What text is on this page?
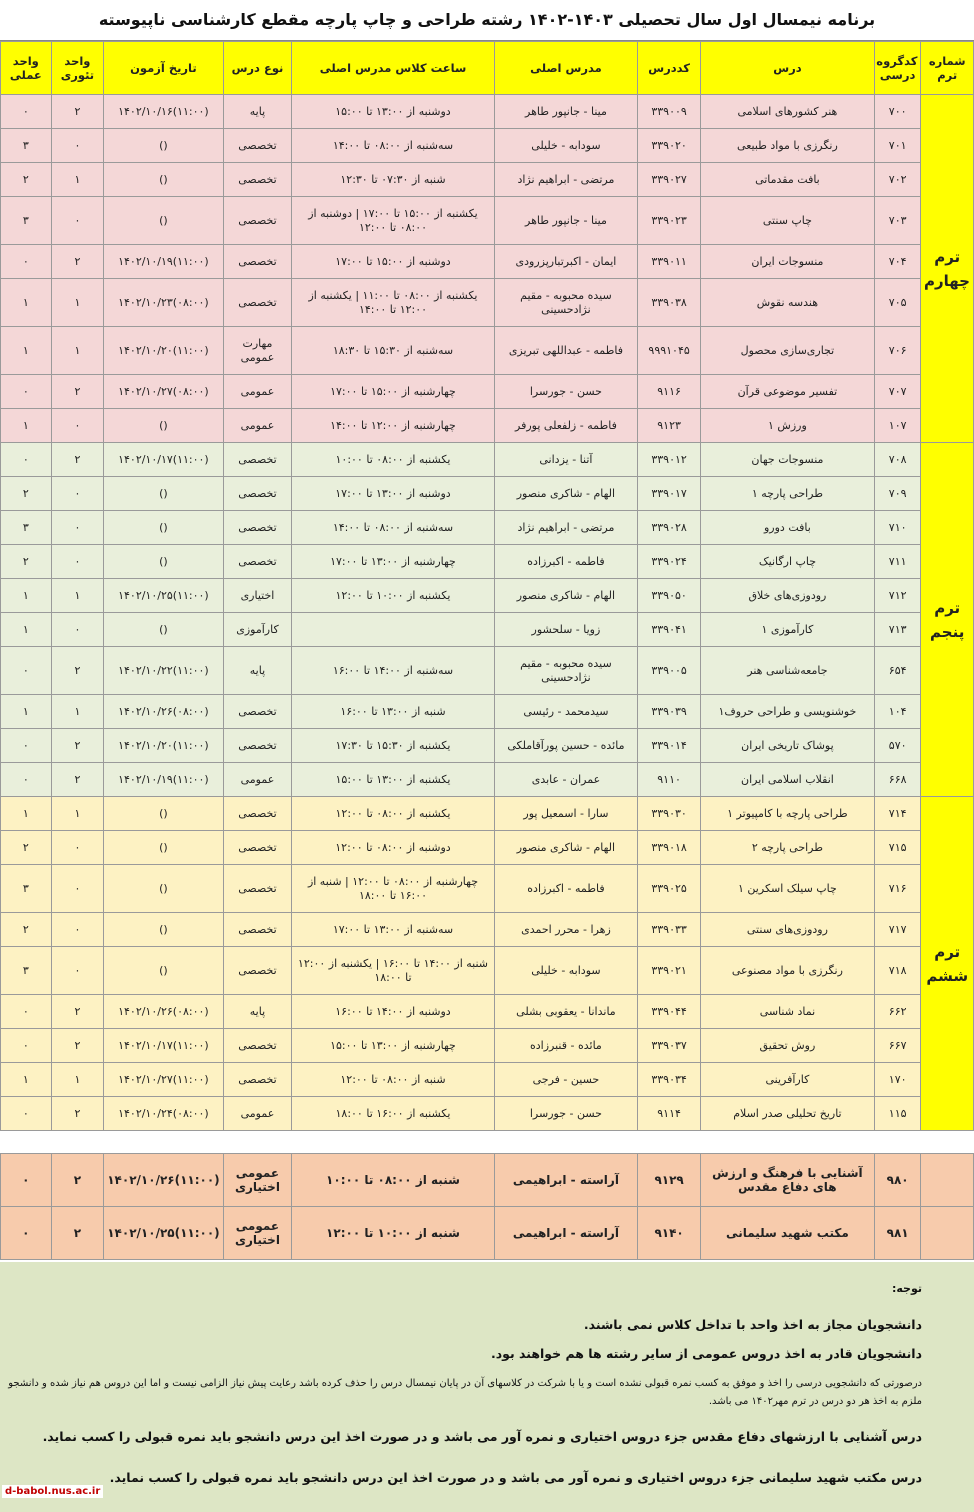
برنامه نیمسال اول سال تحصیلی ۱۴۰۳-۱۴۰۲ رشته طراحی و چاپ پارچه مقطع کارشناسی ناپیوسته
شماره ترم	کدگروه درسی	درس	کددرس	مدرس اصلی	ساعت کلاس مدرس اصلی	نوع درس	تاریخ آزمون	واحد تئوری	واحد عملی
ترم چهارم	۷۰۰	هنر کشورهای اسلامی	۳۳۹۰۰۹	مینا - جانپور طاهر	دوشنبه از ۱۳:۰۰ تا ۱۵:۰۰	پایه	۱۴۰۲/۱۰/۱۶(۱۱:۰۰)	۲	۰
	۷۰۱	رنگرزی با مواد طبیعی	۳۳۹۰۲۰	سودابه - خلیلی	سه‌شنبه از ۰۸:۰۰ تا ۱۴:۰۰	تخصصی	()	۰	۳
	۷۰۲	بافت مقدماتی	۳۳۹۰۲۷	مرتضی - ابراهیم نژاد	شنبه از ۰۷:۳۰ تا ۱۲:۳۰	تخصصی	()	۱	۲
	۷۰۳	چاپ سنتی	۳۳۹۰۲۳	مینا - جانپور طاهر	یکشنبه از ۱۵:۰۰ تا ۱۷:۰۰ | دوشنبه از ۰۸:۰۰ تا ۱۲:۰۰	تخصصی	()	۰	۳
	۷۰۴	منسوجات ایران	۳۳۹۰۱۱	ایمان - اکبرتبارپزرودی	دوشنبه از ۱۵:۰۰ تا ۱۷:۰۰	تخصصی	۱۴۰۲/۱۰/۱۹(۱۱:۰۰)	۲	۰
	۷۰۵	هندسه نقوش	۳۳۹۰۳۸	سیده محبوبه - مقیم نژادحسینی	یکشنبه از ۰۸:۰۰ تا ۱۱:۰۰ | یکشنبه از ۱۲:۰۰ تا ۱۴:۰۰	تخصصی	۱۴۰۲/۱۰/۲۳(۰۸:۰۰)	۱	۱
	۷۰۶	تجاری‌سازی محصول	۹۹۹۱۰۴۵	فاطمه - عبداللهی تبریزی	سه‌شنبه از ۱۵:۳۰ تا ۱۸:۳۰	مهارت عمومی	۱۴۰۲/۱۰/۲۰(۱۱:۰۰)	۱	۱
	۷۰۷	تفسیر موضوعی قرآن	۹۱۱۶	حسن - جورسرا	چهارشنبه از ۱۵:۰۰ تا ۱۷:۰۰	عمومی	۱۴۰۲/۱۰/۲۷(۰۸:۰۰)	۲	۰
	۱۰۷	ورزش ۱	۹۱۲۳	فاطمه - زلفعلی پورفر	چهارشنبه از ۱۲:۰۰ تا ۱۴:۰۰	عمومی	()	۰	۱
ترم پنجم	۷۰۸	منسوجات جهان	۳۳۹۰۱۲	آتنا - یزدانی	یکشنبه از ۰۸:۰۰ تا ۱۰:۰۰	تخصصی	۱۴۰۲/۱۰/۱۷(۱۱:۰۰)	۲	۰
	۷۰۹	طراحی پارچه ۱	۳۳۹۰۱۷	الهام - شاکری منصور	دوشنبه از ۱۳:۰۰ تا ۱۷:۰۰	تخصصی	()	۰	۲
	۷۱۰	بافت دورو	۳۳۹۰۲۸	مرتضی - ابراهیم نژاد	سه‌شنبه از ۰۸:۰۰ تا ۱۴:۰۰	تخصصی	()	۰	۳
	۷۱۱	چاپ ارگانیک	۳۳۹۰۲۴	فاطمه - اکبرزاده	چهارشنبه از ۱۳:۰۰ تا ۱۷:۰۰	تخصصی	()	۰	۲
	۷۱۲	رودوزی‌های خلاق	۳۳۹۰۵۰	الهام - شاکری منصور	یکشنبه از ۱۰:۰۰ تا ۱۲:۰۰	اختیاری	۱۴۰۲/۱۰/۲۵(۱۱:۰۰)	۱	۱
	۷۱۳	کارآموزی ۱	۳۳۹۰۴۱	زویا - سلحشور		کارآموزی	()	۰	۱
	۶۵۴	جامعه‌شناسی هنر	۳۳۹۰۰۵	سیده محبوبه - مقیم نژادحسینی	سه‌شنبه از ۱۴:۰۰ تا ۱۶:۰۰	پایه	۱۴۰۲/۱۰/۲۲(۱۱:۰۰)	۲	۰
	۱۰۴	خوشنویسی و طراحی حروف۱	۳۳۹۰۳۹	سیدمحمد - رئیسی	شنبه از ۱۳:۰۰ تا ۱۶:۰۰	تخصصی	۱۴۰۲/۱۰/۲۶(۰۸:۰۰)	۱	۱
	۵۷۰	پوشاک تاریخی ایران	۳۳۹۰۱۴	مائده - حسین پورآقاملکی	یکشنبه از ۱۵:۳۰ تا ۱۷:۳۰	تخصصی	۱۴۰۲/۱۰/۲۰(۱۱:۰۰)	۲	۰
	۶۶۸	انقلاب اسلامی ایران	۹۱۱۰	عمران - عابدی	یکشنبه از ۱۳:۰۰ تا ۱۵:۰۰	عمومی	۱۴۰۲/۱۰/۱۹(۱۱:۰۰)	۲	۰
ترم ششم	۷۱۴	طراحی پارچه با کامپیوتر ۱	۳۳۹۰۳۰	سارا - اسمعیل پور	یکشنبه از ۰۸:۰۰ تا ۱۲:۰۰	تخصصی	()	۱	۱
	۷۱۵	طراحی پارچه ۲	۳۳۹۰۱۸	الهام - شاکری منصور	دوشنبه از ۰۸:۰۰ تا ۱۲:۰۰	تخصصی	()	۰	۲
	۷۱۶	چاپ سیلک اسکرین ۱	۳۳۹۰۲۵	فاطمه - اکبرزاده	چهارشنبه از ۰۸:۰۰ تا ۱۲:۰۰ | شنبه از ۱۶:۰۰ تا ۱۸:۰۰	تخصصی	()	۰	۳
	۷۱۷	رودوزی‌های سنتی	۳۳۹۰۳۳	زهرا - محرر احمدی	سه‌شنبه از ۱۳:۰۰ تا ۱۷:۰۰	تخصصی	()	۰	۲
	۷۱۸	رنگرزی با مواد مصنوعی	۳۳۹۰۲۱	سودابه - خلیلی	شنبه از ۱۴:۰۰ تا ۱۶:۰۰ | یکشنبه از ۱۲:۰۰ تا ۱۸:۰۰	تخصصی	()	۰	۳
	۶۶۲	نماد شناسی	۳۳۹۰۴۴	ماندانا - یعقوبی بشلی	دوشنبه از ۱۴:۰۰ تا ۱۶:۰۰	پایه	۱۴۰۲/۱۰/۲۶(۰۸:۰۰)	۲	۰
	۶۶۷	روش تحقیق	۳۳۹۰۳۷	مائده - قنبرزاده	چهارشنبه از ۱۳:۰۰ تا ۱۵:۰۰	تخصصی	۱۴۰۲/۱۰/۱۷(۱۱:۰۰)	۲	۰
	۱۷۰	کارآفرینی	۳۳۹۰۳۴	حسین - فرجی	شنبه از ۰۸:۰۰ تا ۱۲:۰۰	تخصصی	۱۴۰۲/۱۰/۲۷(۱۱:۰۰)	۱	۱
	۱۱۵	تاریخ تحلیلی صدر اسلام	۹۱۱۴	حسن - جورسرا	یکشنبه از ۱۶:۰۰ تا ۱۸:۰۰	عمومی	۱۴۰۲/۱۰/۲۴(۰۸:۰۰)	۲	۰

	۹۸۰	آشنایی با فرهنگ و ارزش های دفاع مقدس	۹۱۲۹	آراسته - ابراهیمی	شنبه از ۰۸:۰۰ تا ۱۰:۰۰	عمومی اختیاری	۱۴۰۲/۱۰/۲۶(۱۱:۰۰)	۲	۰
	۹۸۱	مکتب شهید سلیمانی	۹۱۴۰	آراسته - ابراهیمی	شنبه از ۱۰:۰۰ تا ۱۲:۰۰	عمومی اختیاری	۱۴۰۲/۱۰/۲۵(۱۱:۰۰)	۲	۰

توجه:

دانشجویان مجاز به اخذ واحد با تداخل کلاس نمی باشند.

دانشجویان قادر به اخذ دروس عمومی از سایر رشته ها هم خواهند بود.

درصورتی که دانشجویی درسی را اخذ و موفق به کسب نمره قبولی نشده است و یا با شرکت در کلاسهای آن در پایان نیمسال درس را حذف کرده باشد رعایت پیش نیاز الزامی نیست و اما این دروس هم نیاز شده و دانشجو ملزم به اخذ هر دو درس در ترم مهر۱۴۰۲ می باشد.

درس آشنایی با ارزشهای دفاع مقدس جزء دروس اختیاری و نمره آور می باشد و در صورت اخذ این درس دانشجو باید نمره قبولی را کسب نماید.

درس مکتب شهید سلیمانی جزء دروس اختیاری و نمره آور می باشد و در صورت اخذ این درس دانشجو باید نمره قبولی را کسب نماید.

d-babol.nus.ac.ir
